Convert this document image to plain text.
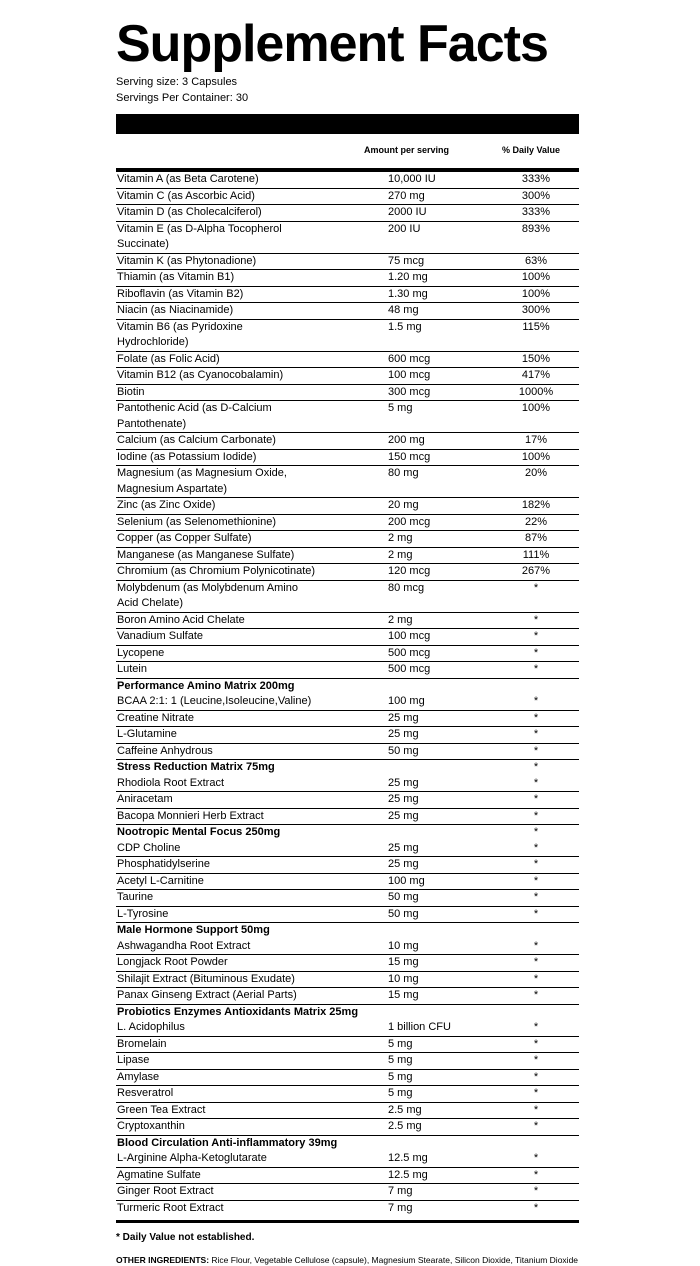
Supplement Facts
Serving size: 3 Capsules
Servings Per Container: 30
Amount per serving	% Daily Value
Vitamin A (as Beta Carotene)	10,000 IU	333%
Vitamin C (as Ascorbic Acid)	270 mg	300%
Vitamin D (as Cholecalciferol)	2000 IU	333%
Vitamin E (as D-Alpha Tocopherol Succinate)
200 IU	893%
Vitamin K (as Phytonadione)	75 mcg	63%
Thiamin (as Vitamin B1)	1.20 mg	100%
Riboflavin (as Vitamin B2)	1.30 mg	100%
Niacin (as Niacinamide)	48 mg	300%
Vitamin B6 (as Pyridoxine Hydrochloride)
1.5 mg	115%
Folate (as Folic Acid)	600 mcg	150%
Vitamin B12 (as Cyanocobalamin)	100 mcg	417%
Biotin	300 mcg	1000%
Pantothenic Acid (as D-Calcium Pantothenate)
5 mg	100%
Calcium (as Calcium Carbonate)	200 mg	17%
Iodine (as Potassium Iodide)	150 mcg	100%
Magnesium (as Magnesium Oxide, Magnesium Aspartate)
80 mg	20%
Zinc (as Zinc Oxide)	20 mg	182%
Selenium (as Selenomethionine)	200 mcg	22%
Copper (as Copper Sulfate)	2 mg	87%
Manganese (as Manganese Sulfate)	2 mg	111%
Chromium (as Chromium Polynicotinate)	120 mcg	267%
Molybdenum (as Molybdenum Amino Acid Chelate)
80 mcg	*
Boron Amino Acid Chelate	2 mg	*
Vanadium Sulfate	100 mcg	*
Lycopene	500 mcg	*
Lutein	500 mcg	*
Performance Amino Matrix 200mg
BCAA 2:1: 1 (Leucine,Isoleucine,Valine)	100 mg	*
Creatine Nitrate	25 mg	*
L-Glutamine	25 mg	*
Caffeine Anhydrous	50 mg	*
Stress Reduction Matrix 75mg	*
Rhodiola Root Extract	25 mg	*
Aniracetam	25 mg	*
Bacopa Monnieri Herb Extract	25 mg	*
Nootropic Mental Focus 250mg	*
CDP Choline	25 mg	*
Phosphatidylserine	25 mg	*
Acetyl L-Carnitine	100 mg	*
Taurine	50 mg	*
L-Tyrosine	50 mg	*
Male Hormone Support 50mg
Ashwagandha Root Extract	10 mg	*
Longjack Root Powder	15 mg	*
Shilajit Extract (Bituminous Exudate)	10 mg	*
Panax Ginseng Extract (Aerial Parts)	15 mg	*
Probiotics Enzymes Antioxidants Matrix 25mg
L. Acidophilus	1 billion CFU	*
Bromelain	5 mg	*
Lipase	5 mg	*
Amylase	5 mg	*
Resveratrol	5 mg	*
Green Tea Extract	2.5 mg	*
Cryptoxanthin	2.5 mg	*
Blood Circulation Anti-inflammatory 39mg
L-Arginine Alpha-Ketoglutarate	12.5 mg	*
Agmatine Sulfate	12.5 mg	*
Ginger Root Extract	7 mg	*
Turmeric Root Extract	7 mg	*
* Daily Value not established.
OTHER INGREDIENTS: Rice Flour, Vegetable Cellulose (capsule), Magnesium Stearate, Silicon Dioxide, Titanium Dioxide
